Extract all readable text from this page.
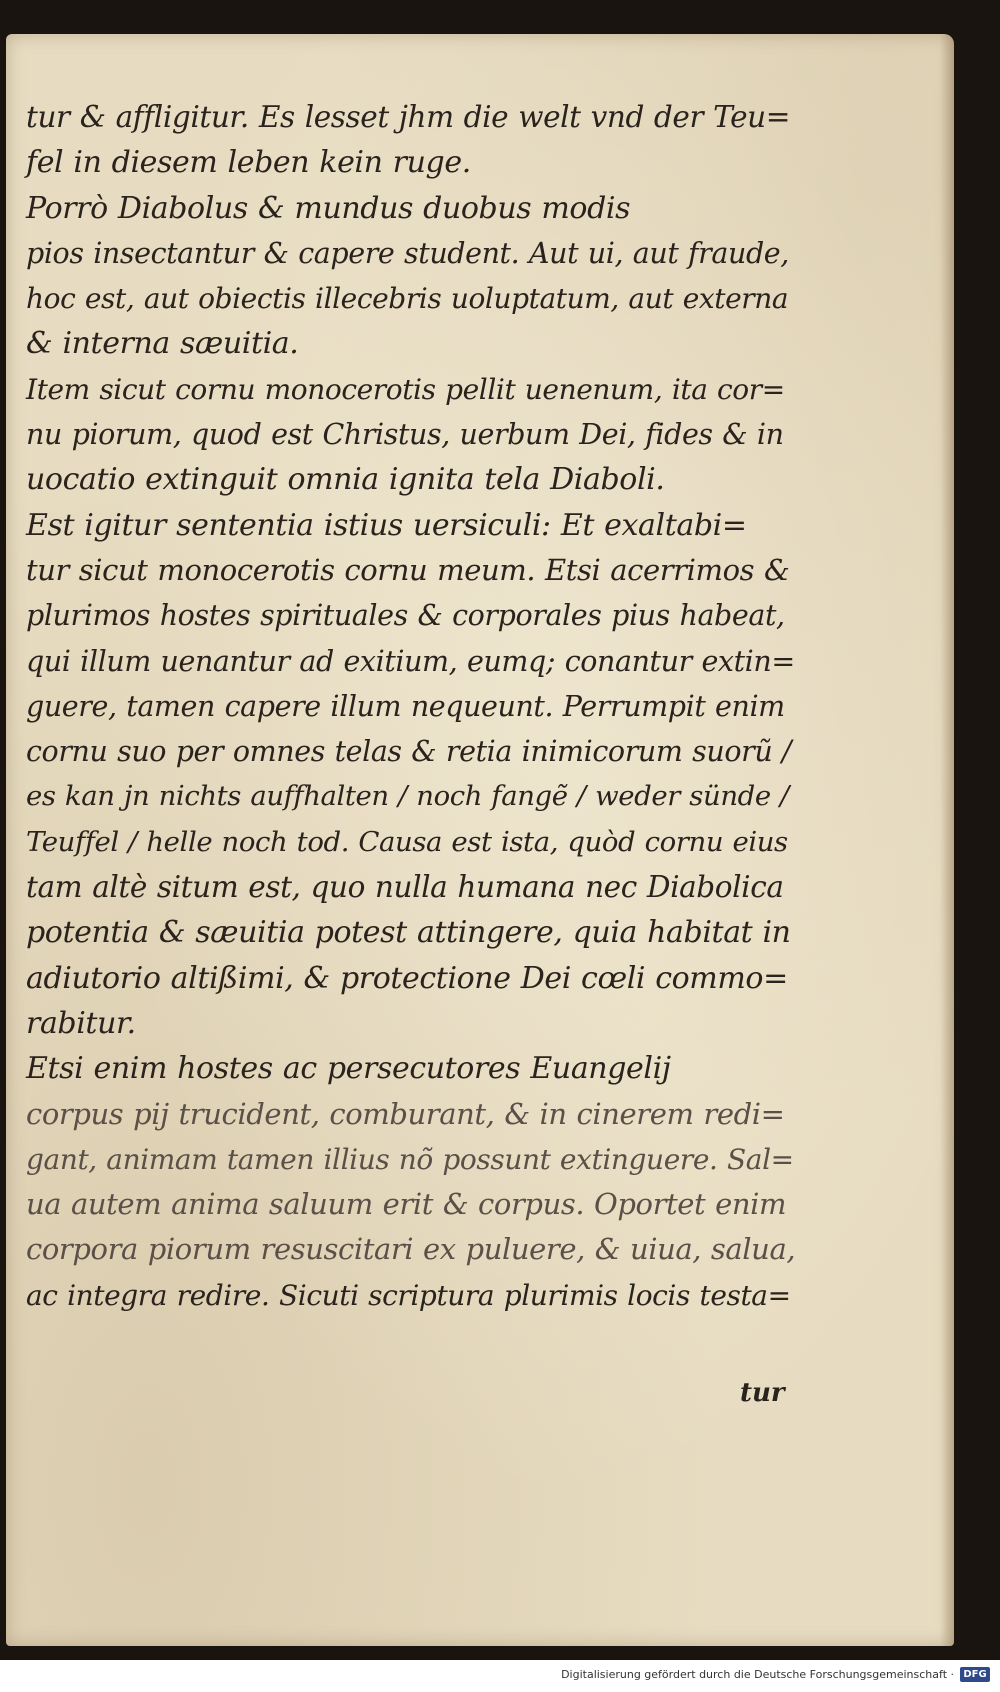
tur & affligitur. Es lesset jhm die welt vnd der Teu=
fel in diesem leben kein ruge.
Porrò Diabolus & mundus duobus modis
pios insectantur & capere student. Aut ui, aut fraude,
hoc est, aut obiectis illecebris uoluptatum, aut externa
& interna sæuitia.
Item sicut cornu monocerotis pellit uenenum, ita cor=
nu piorum, quod est Christus, uerbum Dei, fides & in
uocatio extinguit omnia ignita tela Diaboli.
Est igitur sententia istius uersiculi: Et exaltabi=
tur sicut monocerotis cornu meum. Etsi acerrimos &
plurimos hostes spirituales & corporales pius habeat,
qui illum uenantur ad exitium, eumq; conantur extin=
guere, tamen capere illum nequeunt. Perrumpit enim
cornu suo per omnes telas & retia inimicorum suorũ /
es kan jn nichts auffhalten / noch fangẽ / weder sünde /
Teuffel / helle noch tod. Causa est ista, quòd cornu eius
tam altè situm est, quo nulla humana nec Diabolica
potentia & sæuitia potest attingere, quia habitat in
adiutorio altißimi, & protectione Dei cœli commo=
rabitur.
Etsi enim hostes ac persecutores Euangelij
corpus pij trucident, comburant, & in cinerem redi=
gant, animam tamen illius nõ possunt extinguere. Sal=
ua autem anima saluum erit & corpus. Oportet enim
corpora piorum resuscitari ex puluere, & uiua, salua,
ac integra redire. Sicuti scriptura plurimis locis testa=
tur
Digitalisierung gefördert durch die Deutsche Forschungsgemeinschaft · DFG
